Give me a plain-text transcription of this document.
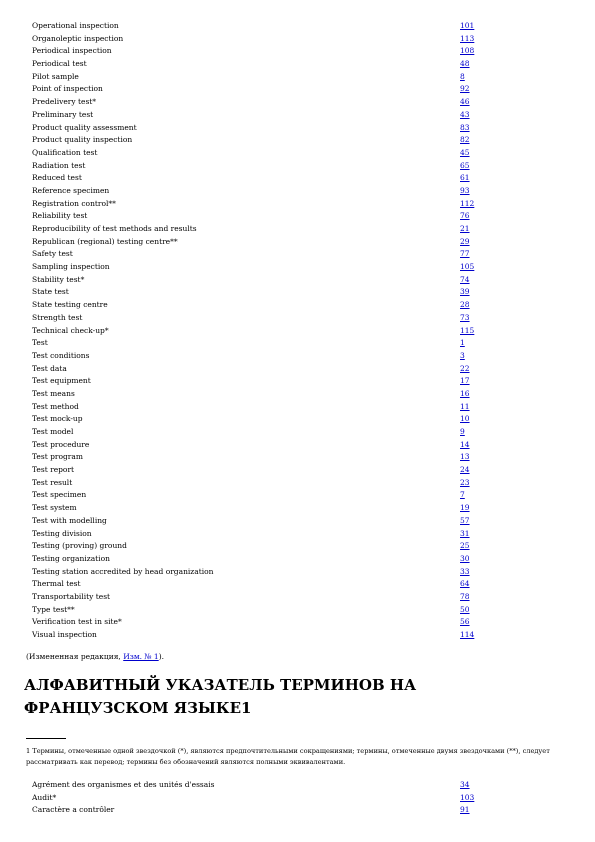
Operational inspection	101
Organoleptic inspection	113
Periodical inspection	108
Periodical test	48
Pilot sample	8
Point of inspection	92
Predelivery test*	46
Preliminary test	43
Product quality assessment	83
Product quality inspection	82
Qualification test	45
Radiation test	65
Reduced test	61
Reference specimen	93
Registration control**	112
Reliability test	76
Reproducibility of test methods and results	21
Republican (regional) testing centre**	29
Safety test	77
Sampling inspection	105
Stability test*	74
State test	39
State testing centre	28
Strength test	73
Technical check-up*	115
Test	1
Test conditions	3
Test data	22
Test equipment	17
Test means	16
Test method	11
Test mock-up	10
Test model	9
Test procedure	14
Test program	13
Test report	24
Test result	23
Test specimen	7
Test system	19
Test with modelling	57
Testing division	31
Testing (proving) ground	25
Testing organization	30
Testing station accredited by head organization	33
Thermal test	64
Transportability test	78
Type test**	50
Verification test in site*	56
Visual inspection	114
(Измененная редакция, Изм. № 1).
АЛФАВИТНЫЙ УКАЗАТЕЛЬ ТЕРМИНОВ НА ФРАНЦУЗСКОМ ЯЗЫКЕ1
1 Термины, отмеченные одной звездочкой (*), являются предпочтительными сокращениями; термины, отмеченные двумя звездочками (**), следует рассматривать как перевод; термины без обозначений являются полными эквивалентами.
Agrément des organismes et des unités d'essais	34
Audit*	103
Caractère a contrôler	91
